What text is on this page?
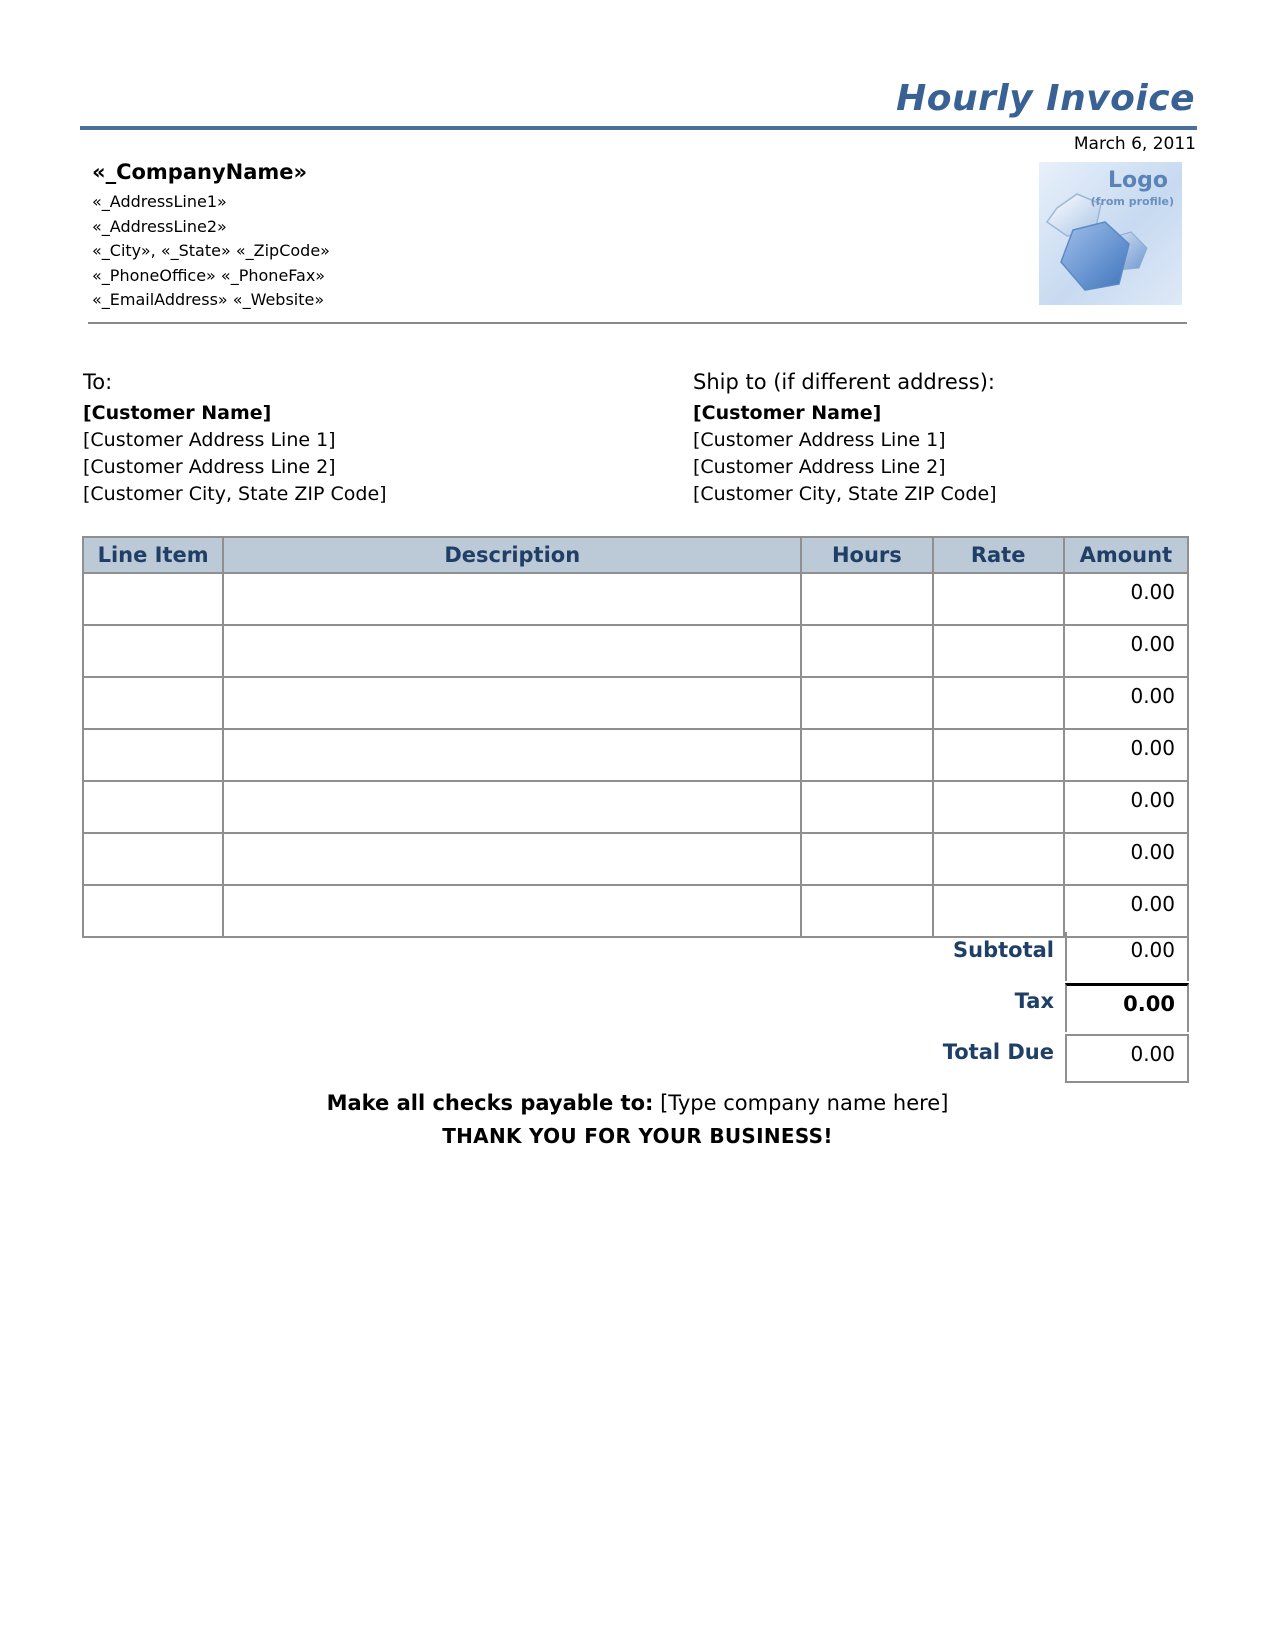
Hourly Invoice
March 6, 2011
«_CompanyName»
«_AddressLine1»
«_AddressLine2»
«_City», «_State» «_ZipCode»
«_PhoneOffice» «_PhoneFax»
«_EmailAddress» «_Website»
Logo
(from profile)
To:
[Customer Name]
[Customer Address Line 1]
[Customer Address Line 2]
[Customer City, State ZIP Code]
Ship to (if different address):
[Customer Name]
[Customer Address Line 1]
[Customer Address Line 2]
[Customer City, State ZIP Code]
Line Item	Description	Hours	Rate	Amount
				0.00
				0.00
				0.00
				0.00
				0.00
				0.00
				0.00
Subtotal	0.00
Tax	0.00
Total Due	0.00
Make all checks payable to: [Type company name here]
THANK YOU FOR YOUR BUSINESS!
